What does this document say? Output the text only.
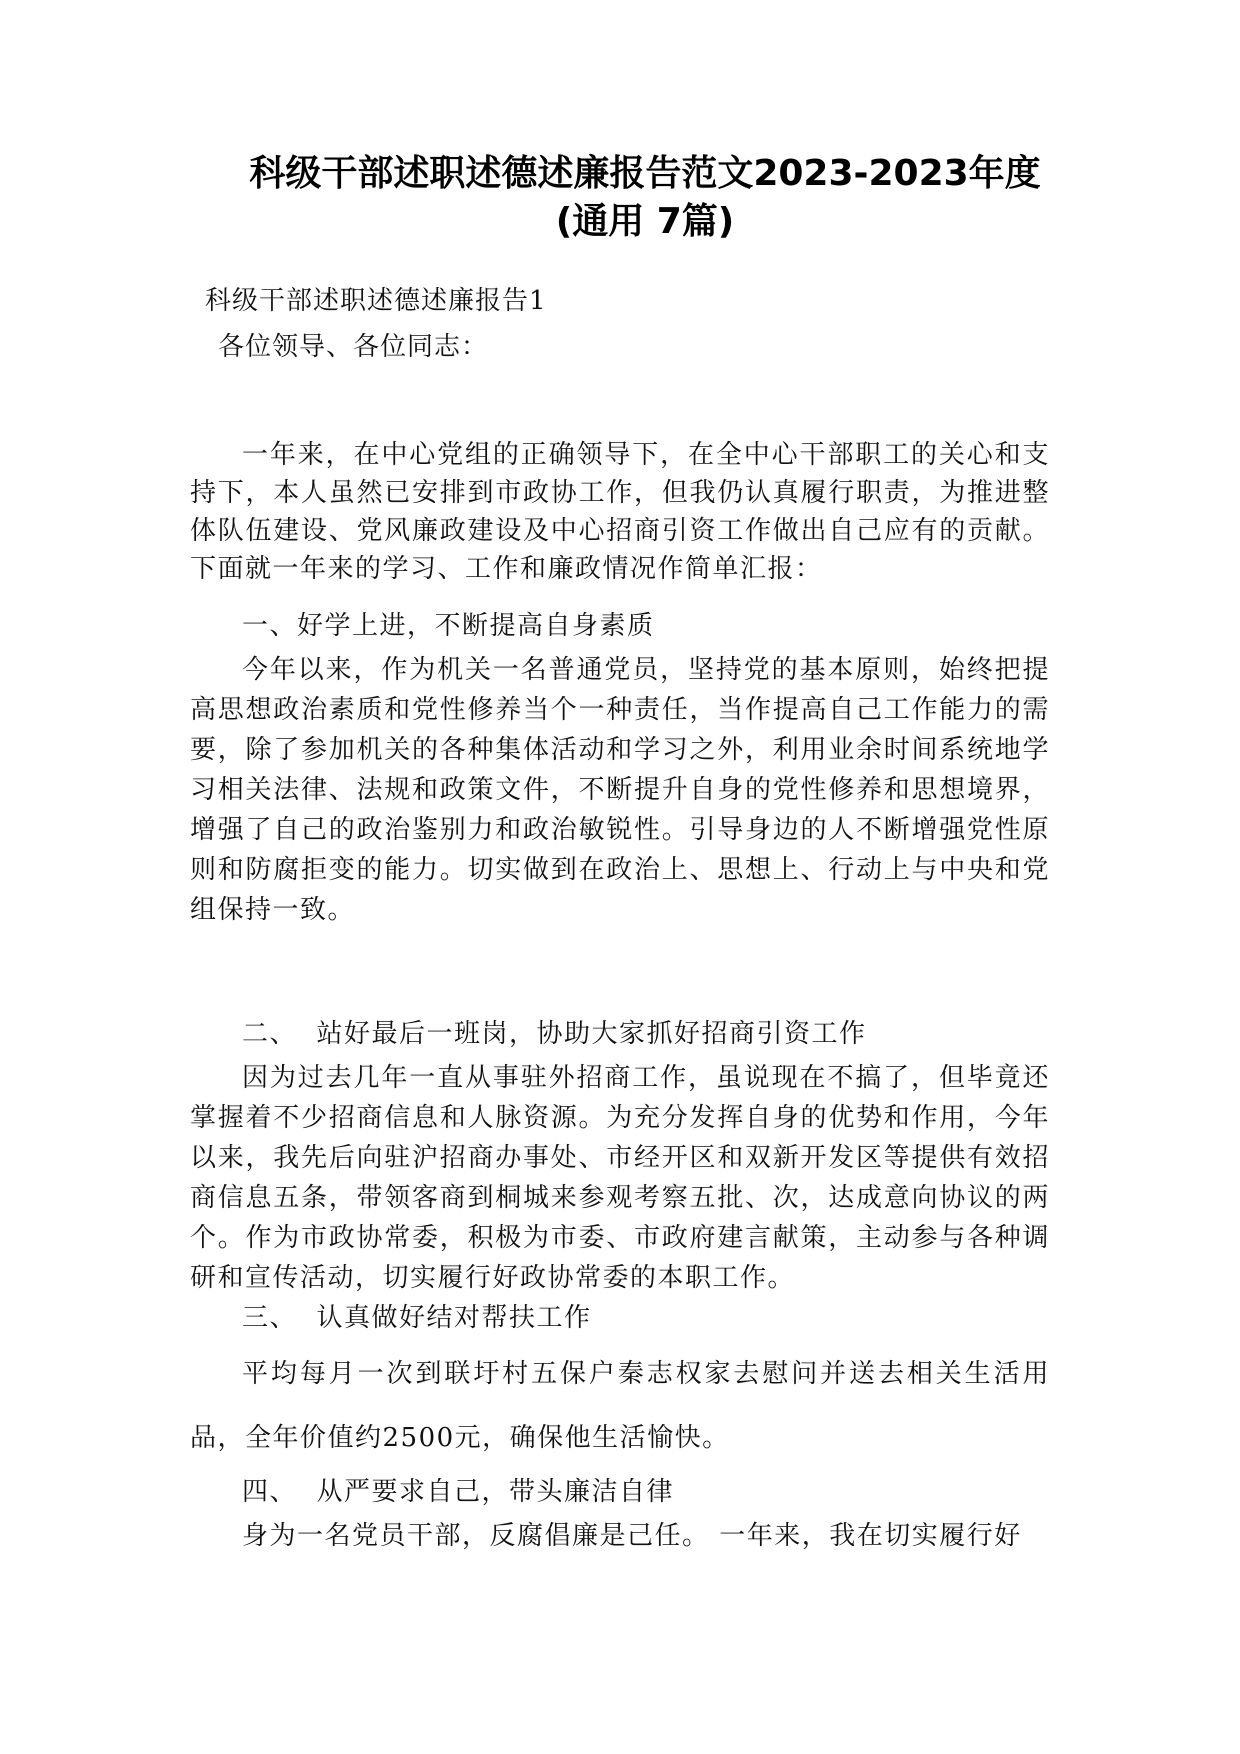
科级干部述职述德述廉报告范文2023-2023年度(通用 7篇)

科级干部述职述德述廉报告1

各位领导、各位同志：

一年来，在中心党组的正确领导下，在全中心干部职工的关心和支持下，本人虽然已安排到市政协工作，但我仍认真履行职责，为推进整体队伍建设、党风廉政建设及中心招商引资工作做出自己应有的贡献。下面就一年来的学习、工作和廉政情况作简单汇报：

一、好学上进，不断提高自身素质

今年以来，作为机关一名普通党员，坚持党的基本原则，始终把提高思想政治素质和党性修养当个一种责任，当作提高自己工作能力的需要，除了参加机关的各种集体活动和学习之外，利用业余时间系统地学习相关法律、法规和政策文件，不断提升自身的党性修养和思想境界，增强了自己的政治鉴别力和政治敏锐性。引导身边的人不断增强党性原则和防腐拒变的能力。切实做到在政治上、思想上、行动上与中央和党组保持一致。

二、  站好最后一班岗，协助大家抓好招商引资工作

因为过去几年一直从事驻外招商工作，虽说现在不搞了，但毕竟还掌握着不少招商信息和人脉资源。为充分发挥自身的优势和作用，今年以来，我先后向驻沪招商办事处、市经开区和双新开发区等提供有效招商信息五条，带领客商到桐城来参观考察五批、次，达成意向协议的两个。作为市政协常委，积极为市委、市政府建言献策，主动参与各种调研和宣传活动，切实履行好政协常委的本职工作。

三、  认真做好结对帮扶工作

平均每月一次到联圩村五保户秦志权家去慰问并送去相关生活用品，全年价值约2500元，确保他生活愉快。

四、  从严要求自己，带头廉洁自律

身为一名党员干部，反腐倡廉是己任。 一年来，我在切实履行好
